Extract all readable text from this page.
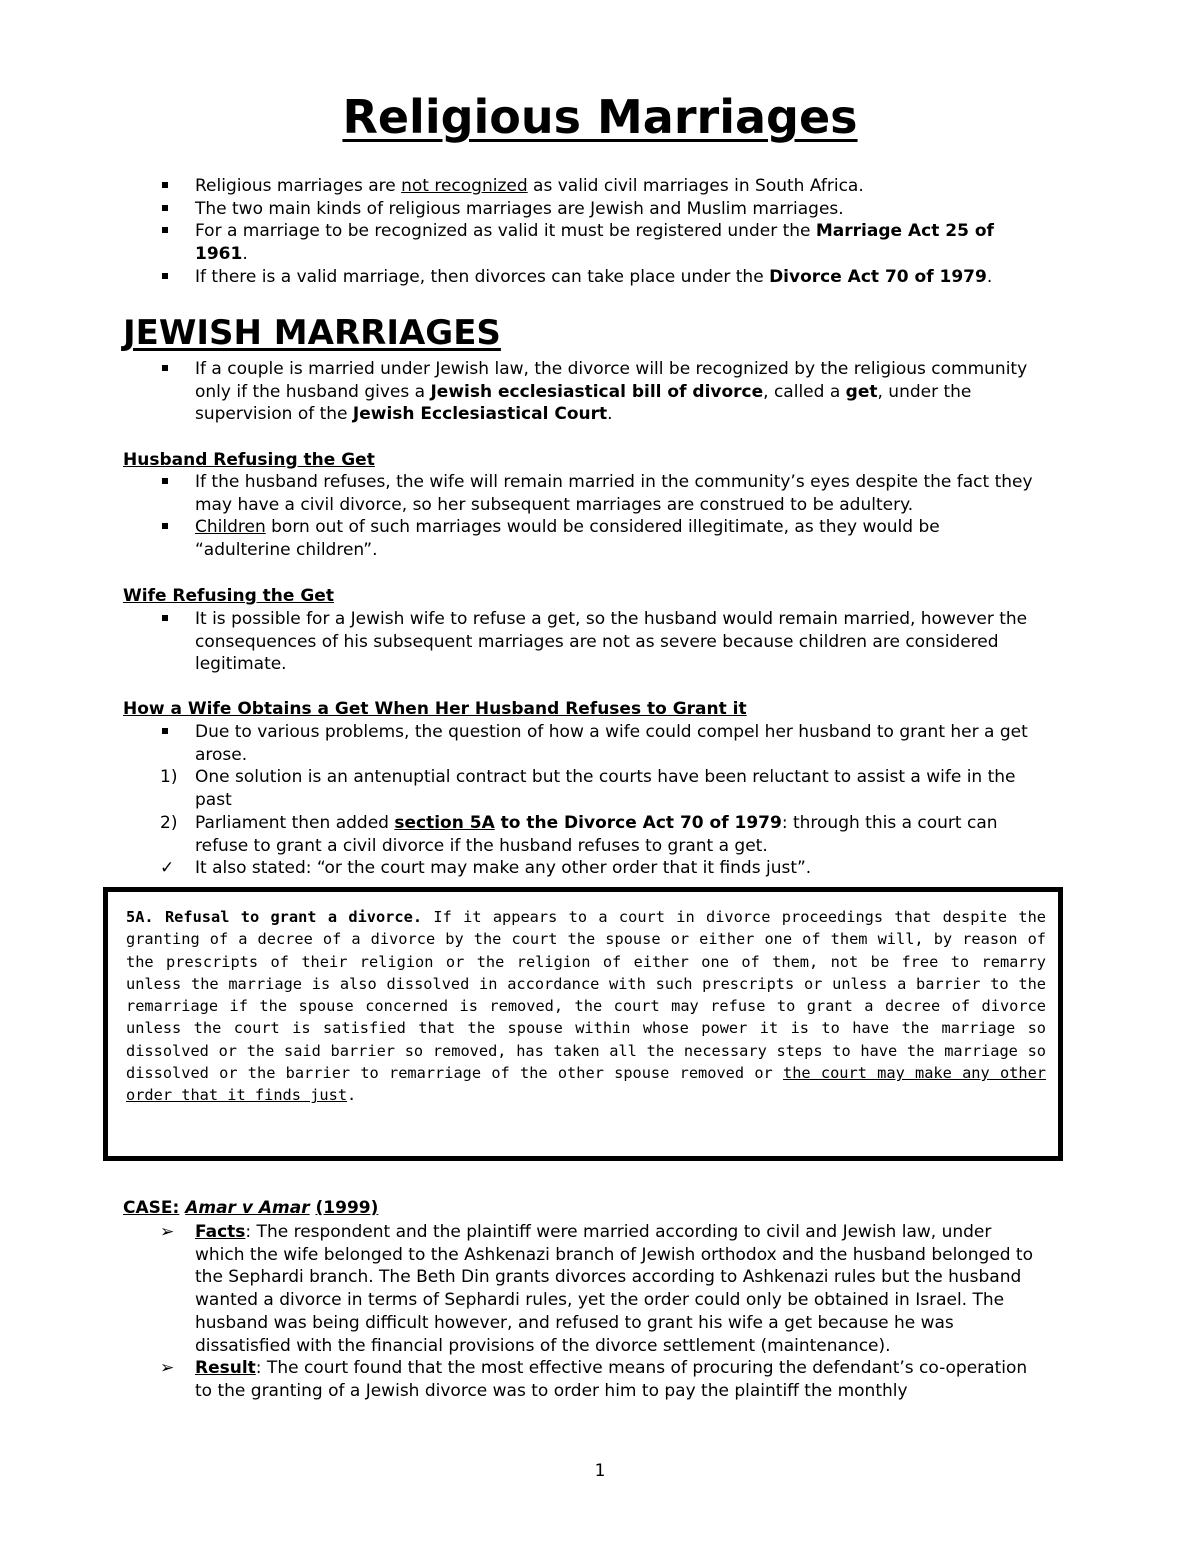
Religious Marriages
Religious marriages are not recognized as valid civil marriages in South Africa.
The two main kinds of religious marriages are Jewish and Muslim marriages.
For a marriage to be recognized as valid it must be registered under the Marriage Act 25 of 1961.
If there is a valid marriage, then divorces can take place under the Divorce Act 70 of 1979.
JEWISH MARRIAGES
If a couple is married under Jewish law, the divorce will be recognized by the religious community only if the husband gives a Jewish ecclesiastical bill of divorce, called a get, under the supervision of the Jewish Ecclesiastical Court.
Husband Refusing the Get
If the husband refuses, the wife will remain married in the community’s eyes despite the fact they may have a civil divorce, so her subsequent marriages are construed to be adultery.
Children born out of such marriages would be considered illegitimate, as they would be “adulterine children”.
Wife Refusing the Get
It is possible for a Jewish wife to refuse a get, so the husband would remain married, however the consequences of his subsequent marriages are not as severe because children are considered legitimate.
How a Wife Obtains a Get When Her Husband Refuses to Grant it
Due to various problems, the question of how a wife could compel her husband to grant her a get arose.
1)	One solution is an antenuptial contract but the courts have been reluctant to assist a wife in the past
2)	Parliament then added section 5A to the Divorce Act 70 of 1979: through this a court can refuse to grant a civil divorce if the husband refuses to grant a get.
✓	It also stated: “or the court may make any other order that it finds just”.
5A. Refusal to grant a divorce. If it appears to a court in divorce proceedings that despite the granting of a decree of a divorce by the court the spouse or either one of them will, by reason of the prescripts of their religion or the religion of either one of them, not be free to remarry unless the marriage is also dissolved in accordance with such prescripts or unless a barrier to the remarriage if the spouse concerned is removed, the court may refuse to grant a decree of divorce unless the court is satisfied that the spouse within whose power it is to have the marriage so dissolved or the said barrier so removed, has taken all the necessary steps to have the marriage so dissolved or the barrier to remarriage of the other spouse removed or the court may make any other order that it finds just.
CASE: Amar v Amar (1999)
➢	Facts: The respondent and the plaintiff were married according to civil and Jewish law, under which the wife belonged to the Ashkenazi branch of Jewish orthodox and the husband belonged to the Sephardi branch. The Beth Din grants divorces according to Ashkenazi rules but the husband wanted a divorce in terms of Sephardi rules, yet the order could only be obtained in Israel. The husband was being difficult however, and refused to grant his wife a get because he was dissatisfied with the financial provisions of the divorce settlement (maintenance).
➢	Result: The court found that the most effective means of procuring the defendant’s co-operation to the granting of a Jewish divorce was to order him to pay the plaintiff the monthly
1
